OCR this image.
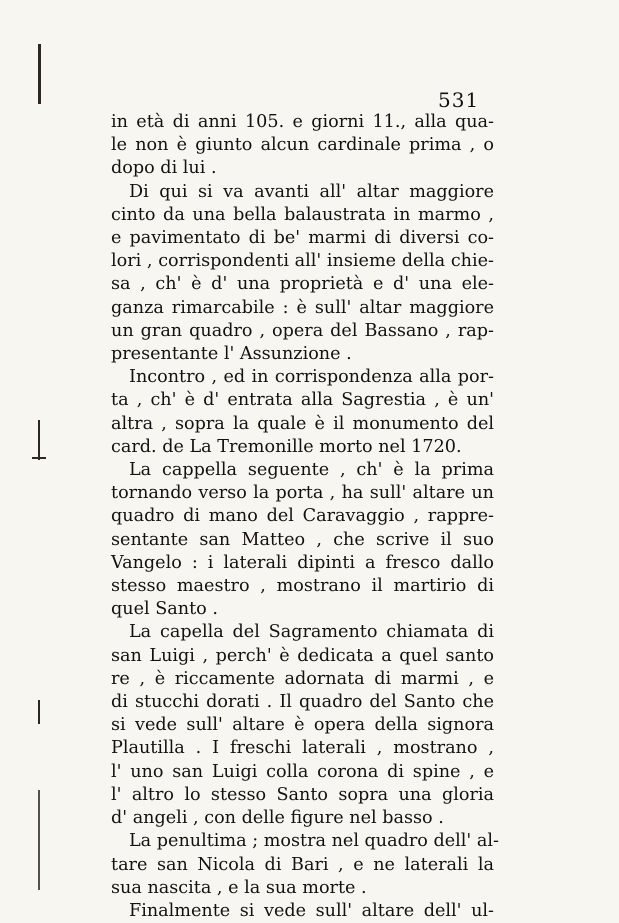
531
in età di anni 105. e giorni 11., alla qua-
le non è giunto alcun cardinale prima , o
dopo di lui .
Di qui si va avanti all' altar maggiore
cinto da una bella balaustrata in marmo ,
e pavimentato di be' marmi di diversi co-
lori , corrispondenti all' insieme della chie-
sa , ch' è d' una proprietà e d' una ele-
ganza rimarcabile : è sull' altar maggiore
un gran quadro , opera del Bassano , rap-
presentante l' Assunzione .
Incontro , ed in corrispondenza alla por-
ta , ch' è d' entrata alla Sagrestia , è un'
altra , sopra la quale è il monumento del
card. de La Tremonille morto nel 1720.
La cappella seguente , ch' è la prima
tornando verso la porta , ha sull' altare un
quadro di mano del Caravaggio , rappre-
sentante san Matteo , che scrive il suo
Vangelo : i laterali dipinti a fresco dallo
stesso maestro , mostrano il martirio di
quel Santo .
La capella del Sagramento chiamata di
san Luigi , perch' è dedicata a quel santo
re , è riccamente adornata di marmi , e
di stucchi dorati . Il quadro del Santo che
si vede sull' altare è opera della signora
Plautilla . I freschi laterali , mostrano ,
l' uno san Luigi colla corona di spine , e
l' altro lo stesso Santo sopra una gloria
d' angeli , con delle figure nel basso .
La penultima ; mostra nel quadro dell' al-
tare san Nicola di Bari , e ne laterali la
sua nascita , e la sua morte .
Finalmente si vede sull' altare dell' ul-
